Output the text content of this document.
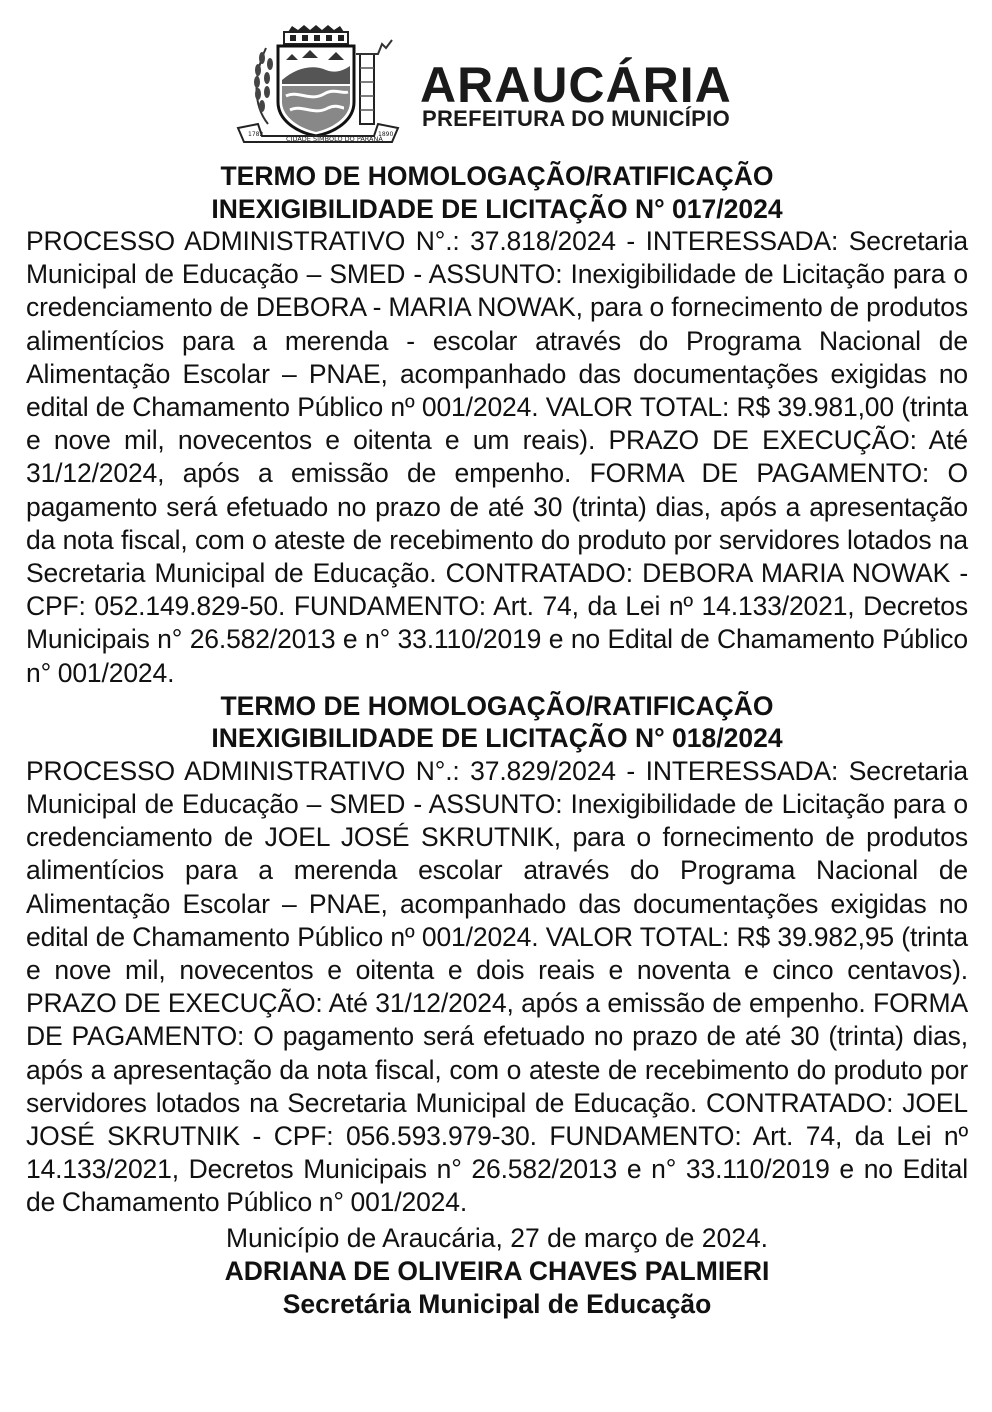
1782
CIDADE SÍMBOLO DO PARANÁ
1890
ARAUCÁRIA
PREFEITURA DO MUNICÍPIO

TERMO DE HOMOLOGAÇÃO/RATIFICAÇÃO

INEXIGIBILIDADE DE LICITAÇÃO N° 017/2024

PROCESSO ADMINISTRATIVO N°.: 37.818/2024 - INTERESSADA: Secretaria Municipal de Educação – SMED - ASSUNTO: Inexigibilidade de Licitação para o credenciamento de DEBORA - MARIA NOWAK, para o fornecimento de produtos alimentícios para a merenda - escolar através do Programa Nacional de Alimentação Escolar – PNAE, acompanhado das documentações exigidas no edital de Chamamento Público nº 001/2024. VALOR TOTAL: R$ 39.981,00 (trinta e nove mil, novecentos e oitenta e um reais). PRAZO DE EXECUÇÃO: Até 31/12/2024, após a emissão de empenho. FORMA DE PAGAMENTO: O pagamento será efetuado no prazo de até 30 (trinta) dias, após a apresentação da nota fiscal, com o ateste de recebimento do produto por servidores lotados na Secretaria Municipal de Educação. CONTRATADO: DEBORA MARIA NOWAK - CPF: 052.149.829-50. FUNDAMENTO: Art. 74, da Lei nº 14.133/2021, Decretos Municipais n° 26.582/2013 e n° 33.110/2019 e no Edital de Chamamento Público n° 001/2024.

TERMO DE HOMOLOGAÇÃO/RATIFICAÇÃO

INEXIGIBILIDADE DE LICITAÇÃO N° 018/2024

PROCESSO ADMINISTRATIVO N°.: 37.829/2024 - INTERESSADA: Secretaria Municipal de Educação – SMED - ASSUNTO: Inexigibilidade de Licitação para o credenciamento de JOEL JOSÉ SKRUTNIK, para o fornecimento de produtos alimentícios para a merenda escolar através do Programa Nacional de Alimentação Escolar – PNAE, acompanhado das documentações exigidas no edital de Chamamento Público nº 001/2024. VALOR TOTAL: R$ 39.982,95 (trinta e nove mil, novecentos e oitenta e dois reais e noventa e cinco centavos). PRAZO DE EXECUÇÃO: Até 31/12/2024, após a emissão de empenho. FORMA DE PAGAMENTO: O pagamento será efetuado no prazo de até 30 (trinta) dias, após a apresentação da nota fiscal, com o ateste de recebimento do produto por servidores lotados na Secretaria Municipal de Educação. CONTRATADO: JOEL JOSÉ SKRUTNIK - CPF: 056.593.979-30. FUNDAMENTO: Art. 74, da Lei nº 14.133/2021, Decretos Municipais n° 26.582/2013 e n° 33.110/2019 e no Edital de Chamamento Público n° 001/2024.

Município de Araucária, 27 de março de 2024.

ADRIANA DE OLIVEIRA CHAVES PALMIERI

Secretária Municipal de Educação
